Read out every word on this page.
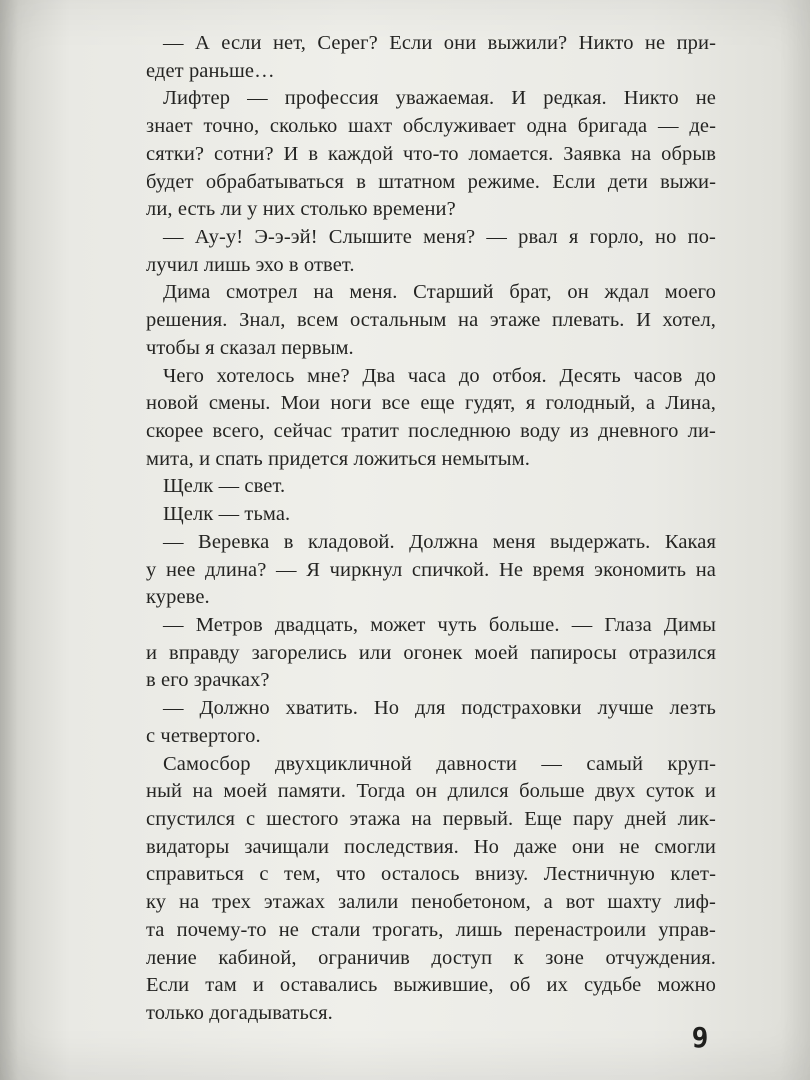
— А если нет, Серег? Если они выжили? Никто не при-

едет раньше…

Лифтер — профессия уважаемая. И редкая. Никто не

знает точно, сколько шахт обслуживает одна бригада — де-

сятки? сотни? И в каждой что-то ломается. Заявка на обрыв

будет обрабатываться в штатном режиме. Если дети выжи-

ли, есть ли у них столько времени?

— Ау-у! Э-э-эй! Слышите меня? — рвал я горло, но по-

лучил лишь эхо в ответ.

Дима смотрел на меня. Старший брат, он ждал моего

решения. Знал, всем остальным на этаже плевать. И хотел,

чтобы я сказал первым.

Чего хотелось мне? Два часа до отбоя. Десять часов до

новой смены. Мои ноги все еще гудят, я голодный, а Лина,

скорее всего, сейчас тратит последнюю воду из дневного ли-

мита, и спать придется ложиться немытым.

Щелк — свет.

Щелк — тьма.

— Веревка в кладовой. Должна меня выдержать. Какая

у нее длина? — Я чиркнул спичкой. Не время экономить на

куреве.

— Метров двадцать, может чуть больше. — Глаза Димы

и вправду загорелись или огонек моей папиросы отразился

в его зрачках?

— Должно хватить. Но для подстраховки лучше лезть

с четвертого.

Самосбор двухцикличной давности — самый круп-

ный на моей памяти. Тогда он длился больше двух суток и

спустился с шестого этажа на первый. Еще пару дней лик-

видаторы зачищали последствия. Но даже они не смогли

справиться с тем, что осталось внизу. Лестничную клет-

ку на трех этажах залили пенобетоном, а вот шахту лиф-

та почему-то не стали трогать, лишь перенастроили управ-

ление кабиной, ограничив доступ к зоне отчуждения.

Если там и оставались выжившие, об их судьбе можно

только догадываться.

9
